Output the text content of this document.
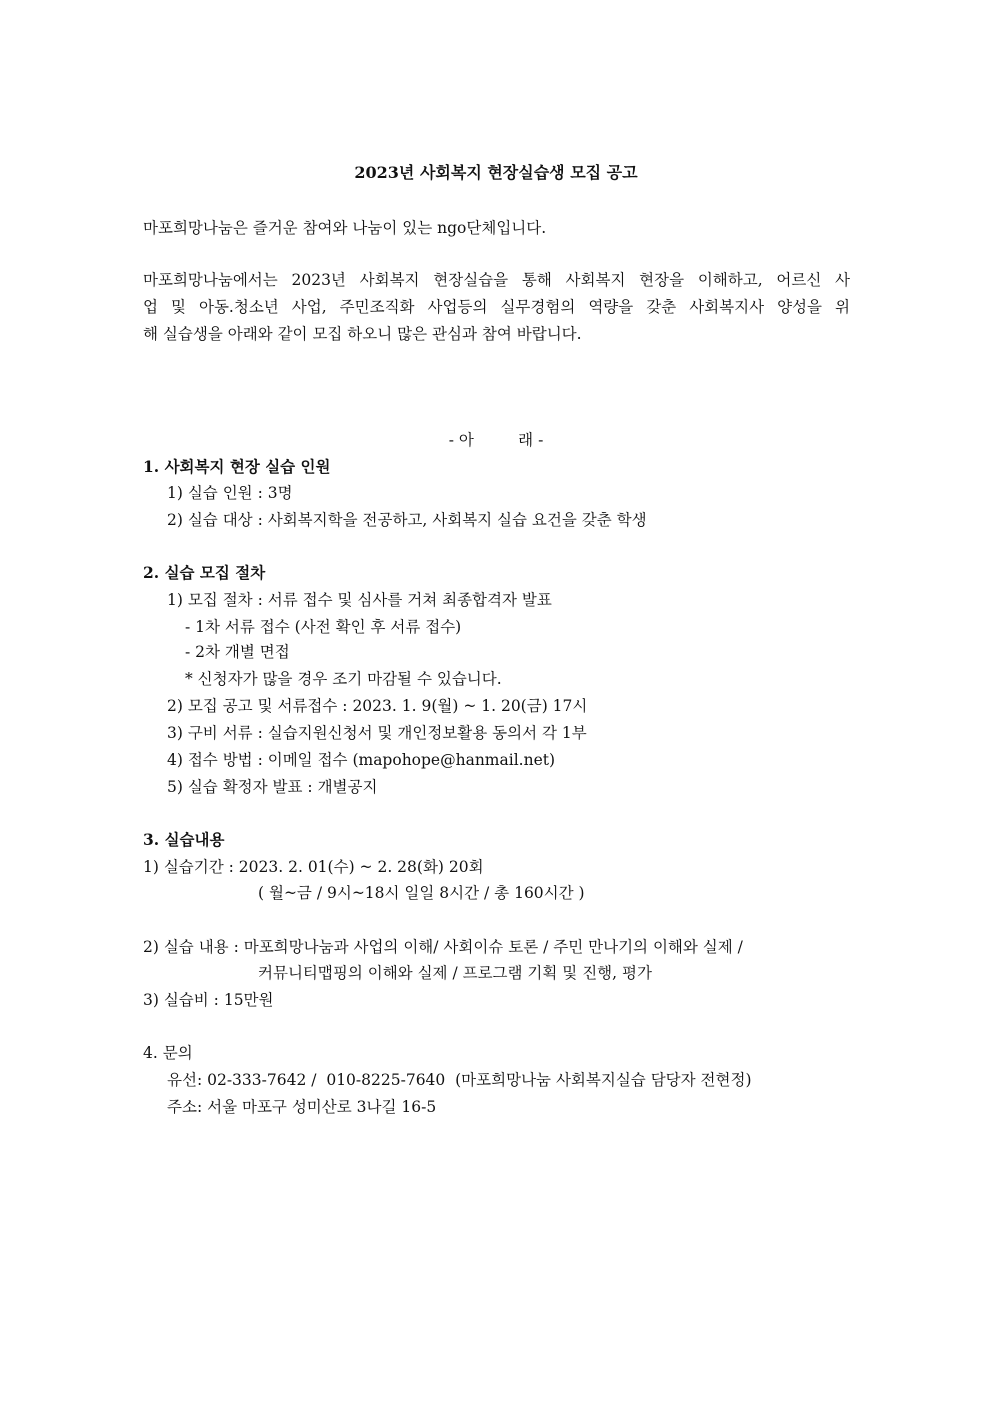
2023년 사회복지 현장실습생 모집 공고
마포희망나눔은 즐거운 참여와 나눔이 있는 ngo단체입니다.
마포희망나눔에서는 2023년 사회복지 현장실습을 통해 사회복지 현장을 이해하고, 어르신 사
업 및 아동.청소년 사업, 주민조직화 사업등의 실무경험의 역량을 갖춘 사회복지사 양성을 위
해 실습생을 아래와 같이 모집 하오니 많은 관심과 참여 바랍니다.
- 아         래 -
1. 사회복지 현장 실습 인원
1) 실습 인원 : 3명
2) 실습 대상 : 사회복지학을 전공하고, 사회복지 실습 요건을 갖춘 학생
2. 실습 모집 절차
1) 모집 절차 : 서류 접수 및 심사를 거쳐 최종합격자 발표
- 1차 서류 접수 (사전 확인 후 서류 접수)
- 2차 개별 면접
* 신청자가 많을 경우 조기 마감될 수 있습니다.
2) 모집 공고 및 서류접수 : 2023. 1. 9(월) ~ 1. 20(금) 17시
3) 구비 서류 : 실습지원신청서 및 개인정보활용 동의서 각 1부
4) 접수 방법 : 이메일 접수 (mapohope@hanmail.net)
5) 실습 확정자 발표 : 개별공지
3. 실습내용
1) 실습기간 : 2023. 2. 01(수) ~ 2. 28(화) 20회
( 월~금 / 9시~18시 일일 8시간 / 총 160시간 )
2) 실습 내용 : 마포희망나눔과 사업의 이해/ 사회이슈 토론 / 주민 만나기의 이해와 실제 /
커뮤니티맵핑의 이해와 실제 / 프로그램 기획 및 진행, 평가
3) 실습비 : 15만원
4. 문의
유선: 02-333-7642 /  010-8225-7640  (마포희망나눔 사회복지실습 담당자 전현정)
주소: 서울 마포구 성미산로 3나길 16-5
